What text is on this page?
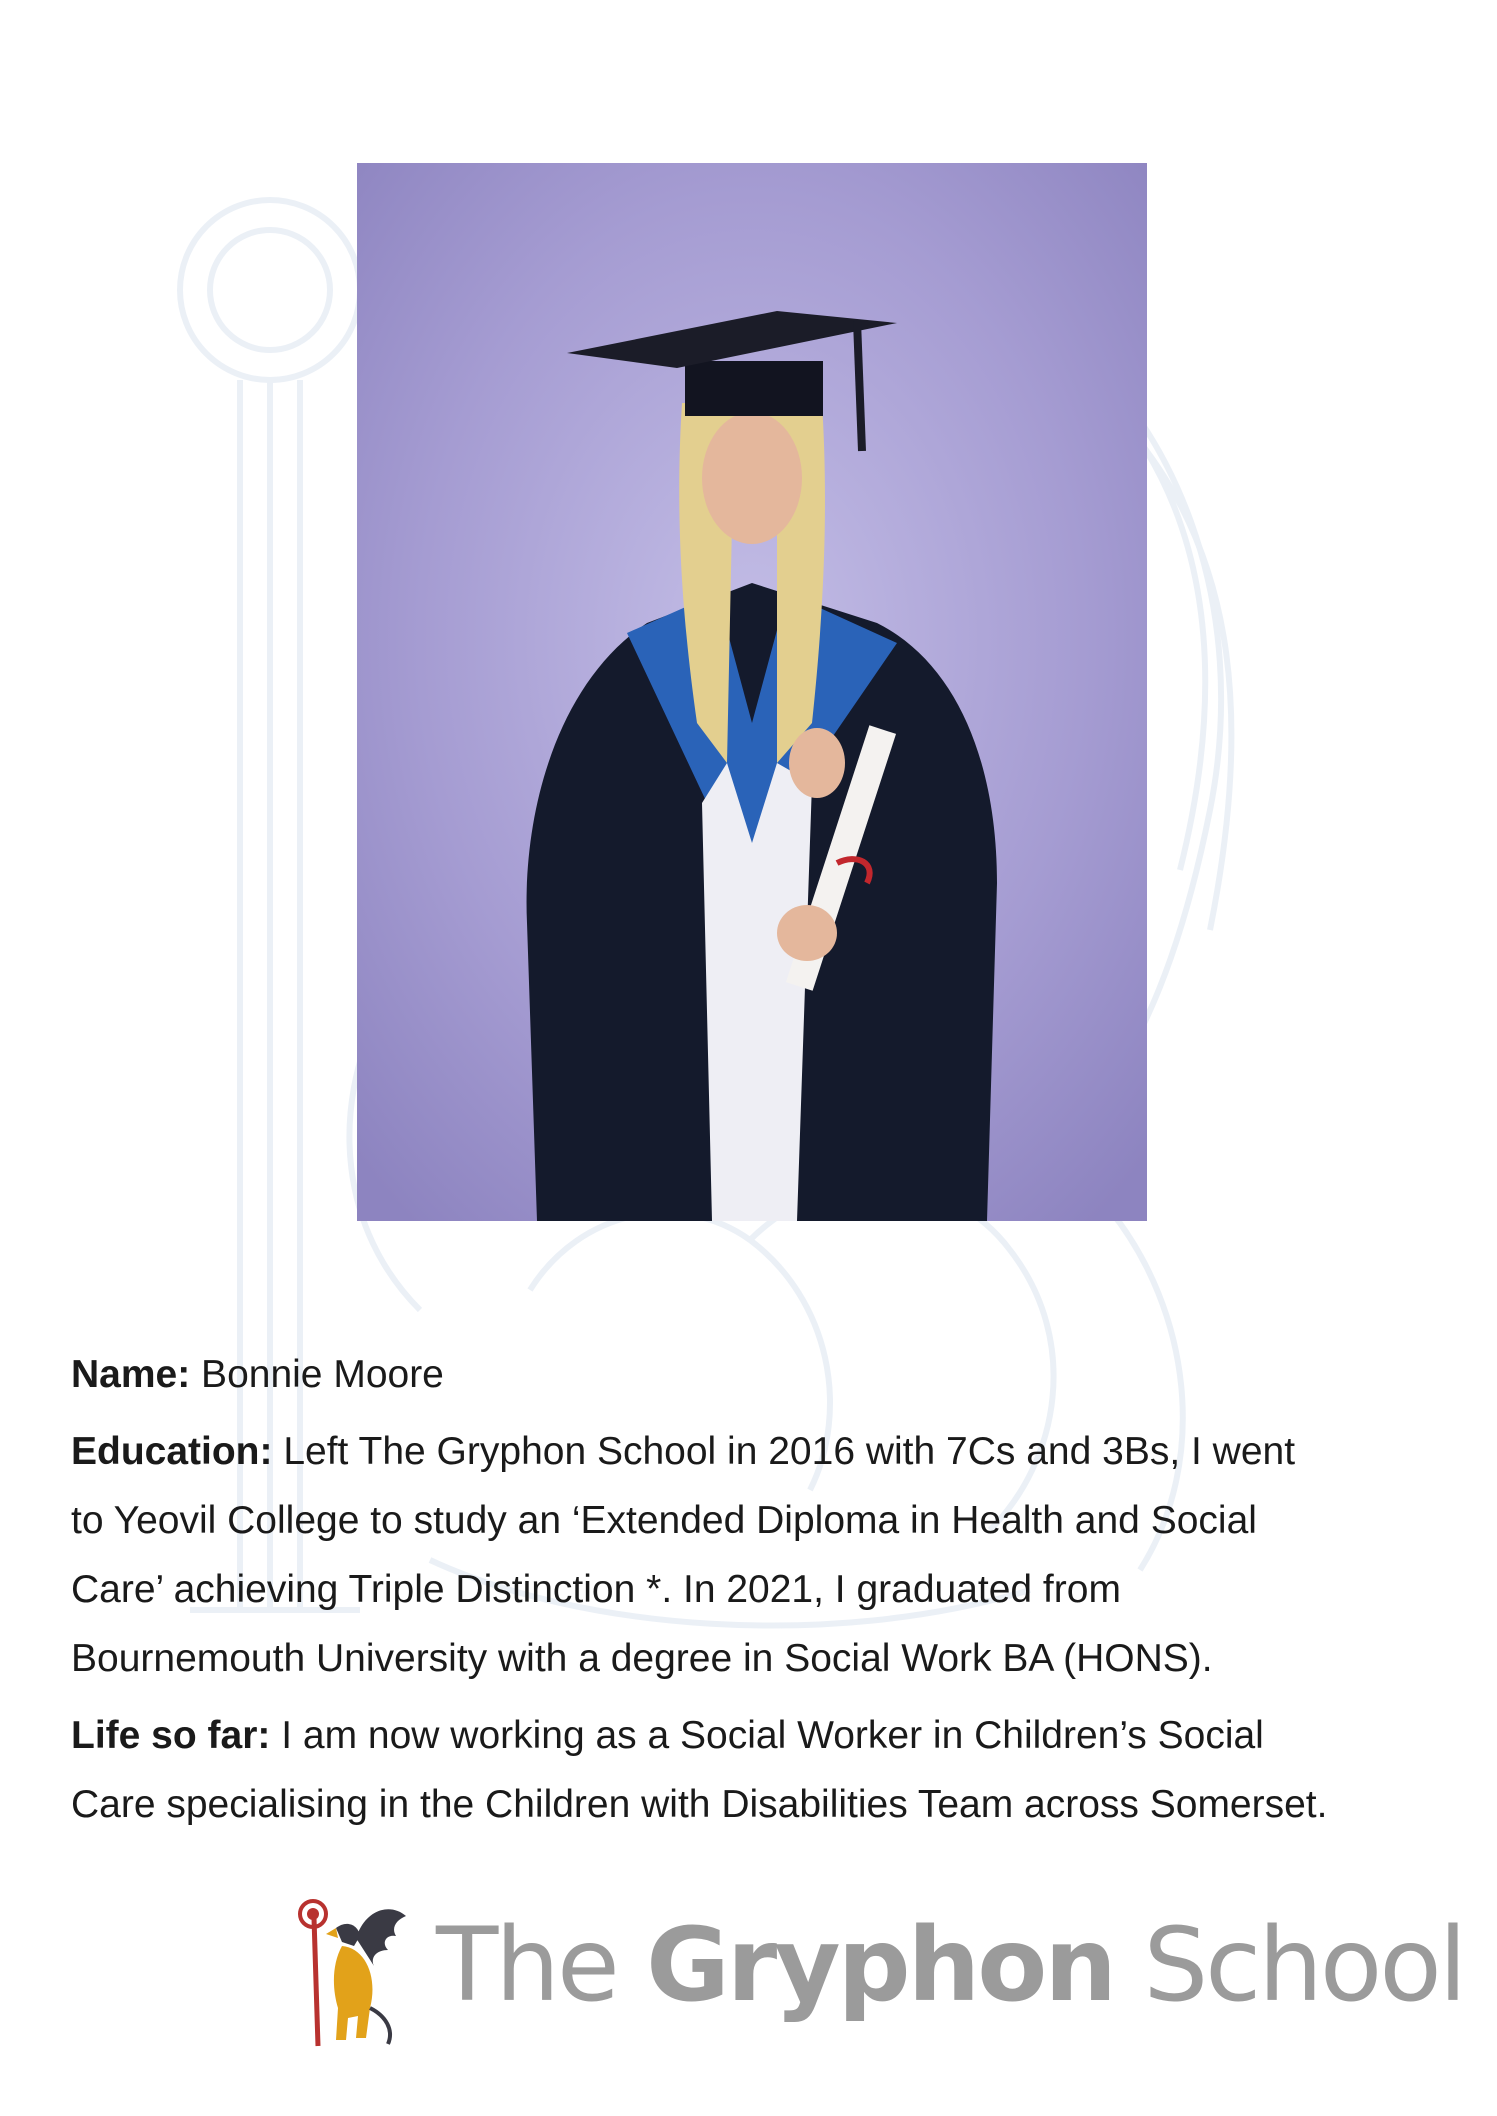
Name: Bonnie Moore

Education: Left The Gryphon School in 2016 with 7Cs and 3Bs, I went
to Yeovil College to study an ‘Extended Diploma in Health and Social
Care’ achieving Triple Distinction *. In 2021, I graduated from
Bournemouth University with a degree in Social Work BA (HONS).

Life so far: I am now working as a Social Worker in Children’s Social
Care specialising in the Children with Disabilities Team across Somerset.

The Gryphon School
